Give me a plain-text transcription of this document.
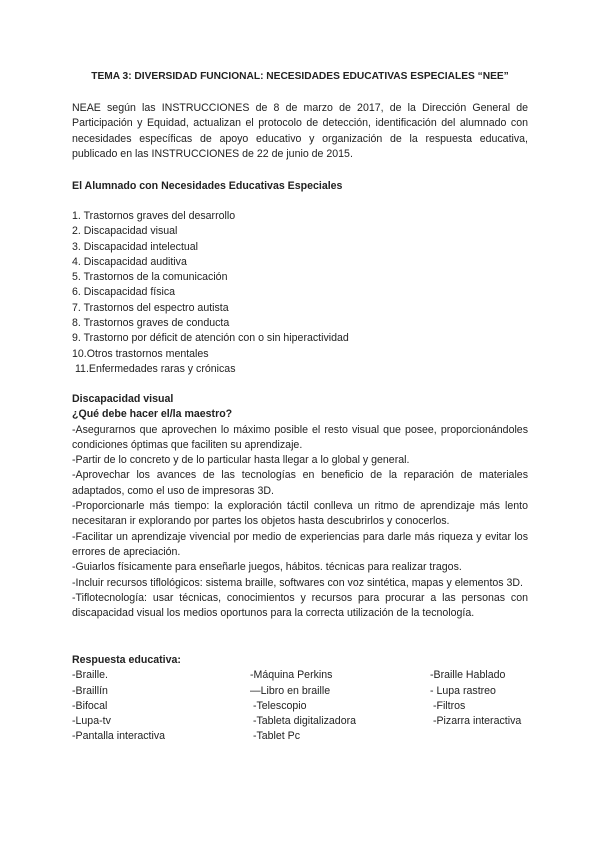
TEMA 3: DIVERSIDAD FUNCIONAL: NECESIDADES EDUCATIVAS ESPECIALES “NEE”
NEAE según las INSTRUCCIONES de 8 de marzo de 2017, de la Dirección General de Participación y Equidad, actualizan el protocolo de detección, identificación del alumnado con necesidades específicas de apoyo educativo y organización de la respuesta educativa, publicado en las INSTRUCCIONES de 22 de junio de 2015.
El Alumnado con Necesidades Educativas Especiales
1. Trastornos graves del desarrollo
2. Discapacidad visual
3. Discapacidad intelectual
4. Discapacidad auditiva
5. Trastornos de la comunicación
6. Discapacidad física
7. Trastornos del espectro autista
8. Trastornos graves de conducta
9. Trastorno por déficit de atención con o sin hiperactividad
10.Otros trastornos mentales
11.Enfermedades raras y crónicas
Discapacidad visual
¿Qué debe hacer el/la maestro?
-Asegurarnos que aprovechen lo máximo posible el resto visual que posee, proporcionándoles condiciones óptimas que faciliten su aprendizaje.
-Partir de lo concreto y de lo particular hasta llegar a lo global y general.
-Aprovechar los avances de las tecnologías en beneficio de la reparación de materiales adaptados, como el uso de impresoras 3D.
-Proporcionarle más tiempo: la exploración táctil conlleva un ritmo de aprendizaje más lento necesitaran ir explorando por partes los objetos hasta descubrirlos y conocerlos.
-Facilitar un aprendizaje vivencial por medio de experiencias para darle más riqueza y evitar los errores de apreciación.
-Guiarlos físicamente para enseñarle juegos, hábitos. técnicas para realizar tragos.
-Incluir recursos tiflológicos: sistema braille, softwares con voz sintética, mapas y elementos 3D.
-Tiflotecnología: usar técnicas, conocimientos y recursos para procurar a las personas con discapacidad visual los medios oportunos para la correcta utilización de la tecnología.
Respuesta educativa:
-Braille.	-Máquina Perkins	-Braille Hablado
-Braillín	—Libro en braille	- Lupa rastreo
-Bifocal	-Telescopio	-Filtros
-Lupa-tv	-Tableta digitalizadora	-Pizarra interactiva
-Pantalla interactiva	-Tablet Pc
